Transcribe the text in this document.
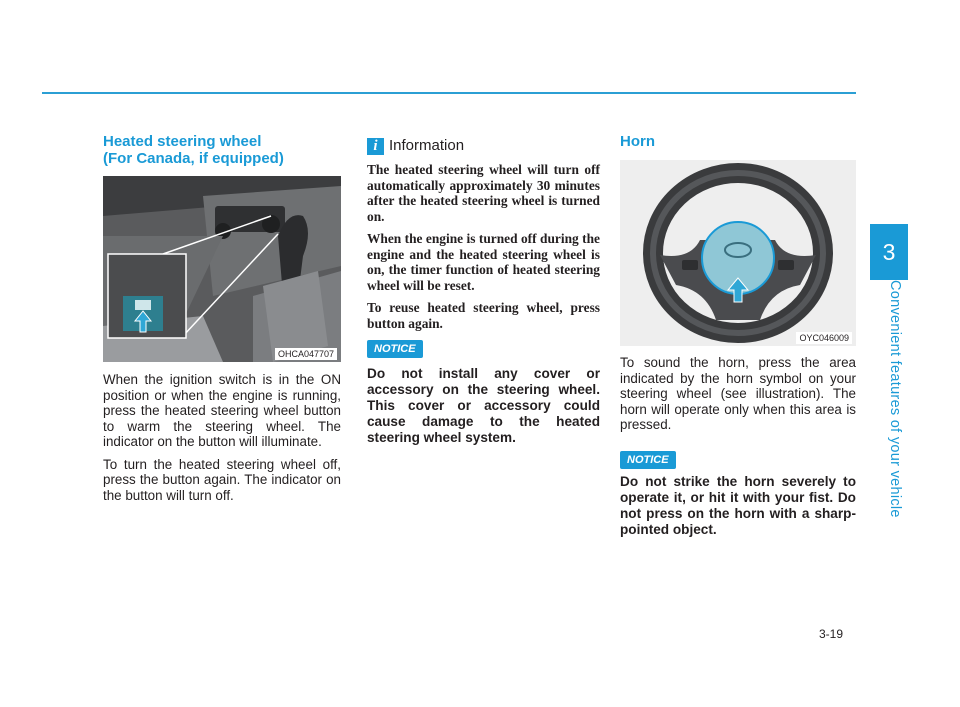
3
Convenient features of your vehicle
Heated steering wheel
(For Canada, if equipped)
OHCA047707

When the ignition switch is in the ON position or when the engine is running, press the heated steering wheel button to warm the steering wheel. The indicator on the button will illuminate.

To turn the heated steering wheel off, press the button again. The indicator on the button will turn off.

i Information

The heated steering wheel will turn off automatically approximately 30 minutes after the heated steering wheel is turned on.

When the engine is turned off during the engine and the heated steering wheel is on, the timer function of heated steering wheel will be reset.

To reuse heated steering wheel, press button again.

NOTICE

Do not install any cover or accessory on the steering wheel. This cover or accessory could cause damage to the heated steering wheel system.

Horn
OYC046009

To sound the horn, press the area indicated by the horn symbol on your steering wheel (see illustration). The horn will operate only when this area is pressed.

NOTICE

Do not strike the horn severely to operate it, or hit it with your fist. Do not press on the horn with a sharp-pointed object.

3-19
